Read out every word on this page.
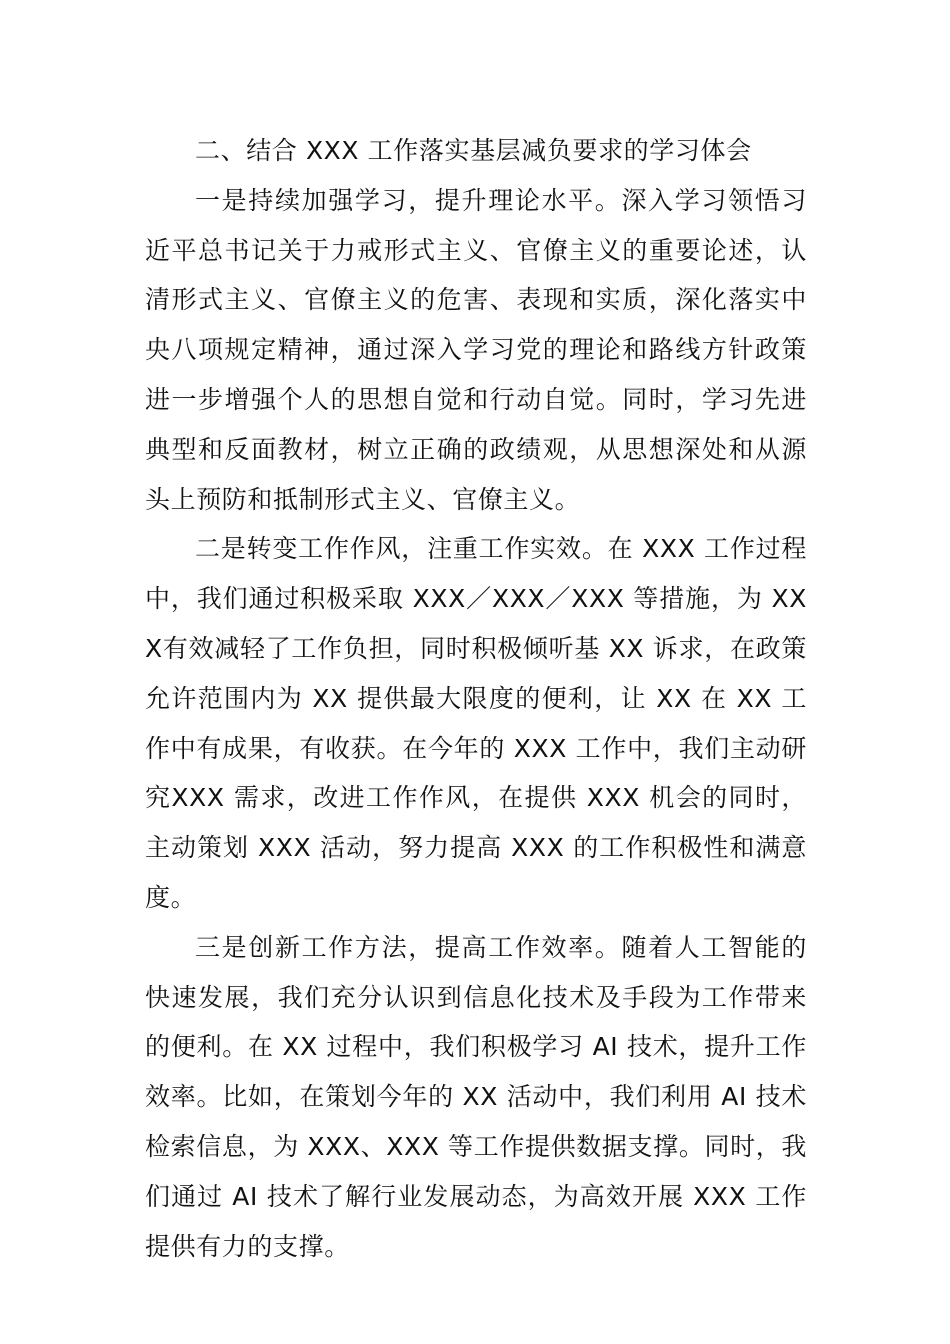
二、结合 XXX 工作落实基层减负要求的学习体会

一是持续加强学习，提升理论水平。深入学习领悟习近平总书记关于力戒形式主义、官僚主义的重要论述，认清形式主义、官僚主义的危害、表现和实质，深化落实中央八项规定精神，通过深入学习党的理论和路线方针政策进一步增强个人的思想自觉和行动自觉。同时，学习先进典型和反面教材，树立正确的政绩观，从思想深处和从源头上预防和抵制形式主义、官僚主义。

二是转变工作作风，注重工作实效。在 XXX 工作过程中，我们通过积极采取 XXX／XXX／XXX 等措施，为 XXX有效减轻了工作负担，同时积极倾听基 XX 诉求，在政策允许范围内为 XX 提供最大限度的便利，让 XX 在 XX 工作中有成果，有收获。在今年的 XXX 工作中，我们主动研究XXX 需求，改进工作作风，在提供 XXX 机会的同时，主动策划 XXX 活动，努力提高 XXX 的工作积极性和满意度。

三是创新工作方法，提高工作效率。随着人工智能的快速发展，我们充分认识到信息化技术及手段为工作带来的便利。在 XX 过程中，我们积极学习 AI 技术，提升工作效率。比如，在策划今年的 XX 活动中，我们利用 AI 技术检索信息，为 XXX、XXX 等工作提供数据支撑。同时，我们通过 AI 技术了解行业发展动态，为高效开展 XXX 工作提供有力的支撑。
